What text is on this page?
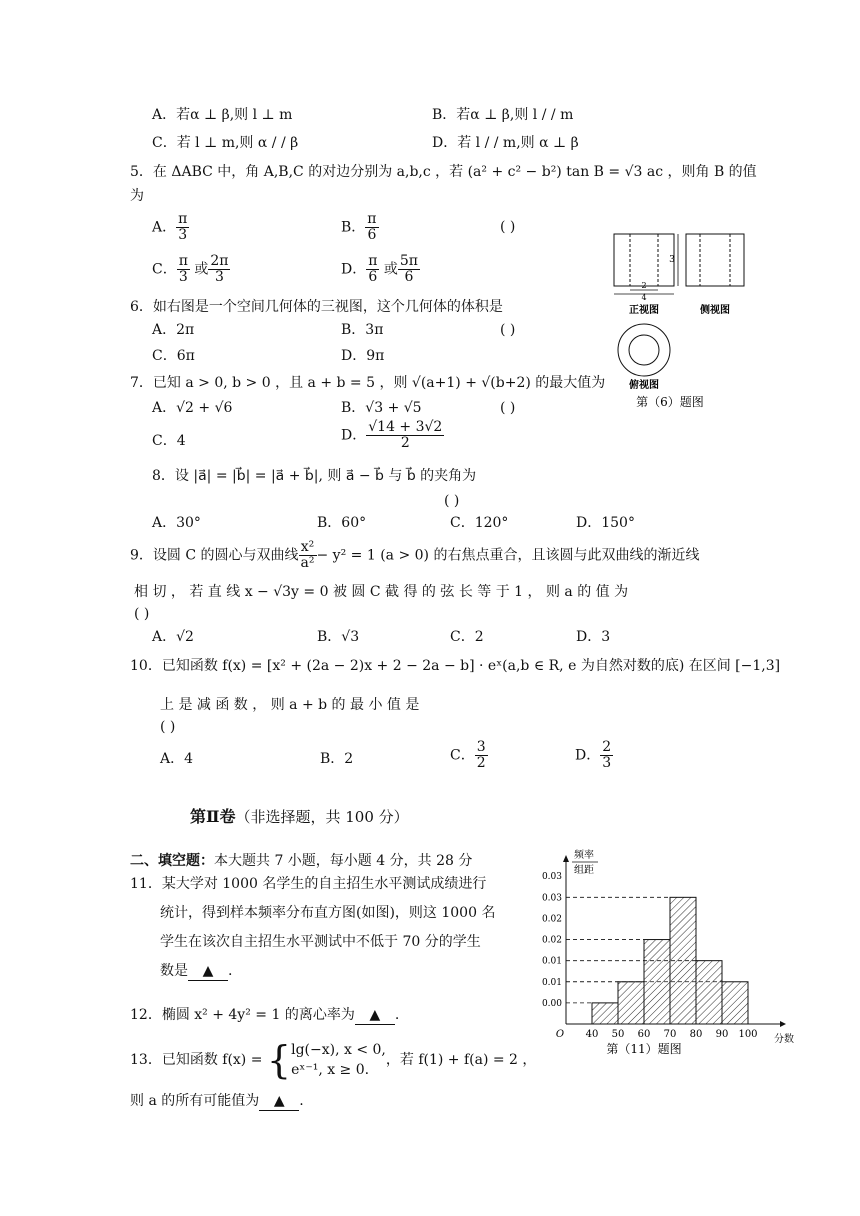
A．若α ⊥ β,则 l ⊥ m	B．若α ⊥ β,则 l / / m
C．若 l ⊥ m,则 α / / β	D．若 l / / m,则 α ⊥ β
5．在 ΔABC 中，角 A,B,C 的对边分别为 a,b,c ，若 (a² + c² − b²) tan B = √3 ac ，则角 B 的值
为
A． $\frac{\pi}{3}$	B． $\frac{\pi}{6}$	( )
C． $\frac{\pi}{3}$ 或 $\frac{2\pi}{3}$	D． $\frac{\pi}{6}$ 或 $\frac{5\pi}{6}$
6．如右图是一个空间几何体的三视图，这个几何体的体积是
A．2π	B．3π	( )
C．6π	D．9π
3
2
4
正视图	侧视图
俯视图
第（6）题图
7．已知 a > 0, b > 0 ，且 a + b = 5 ，则 √(a+1) + √(b+2) 的最大值为
A．√2 + √6	B．√3 + √5	( )
C．4	D． $\frac{√14 + 3√2}{2}$
8．设 |a⃗| = |b⃗| = |a⃗ + b⃗|, 则 a⃗ − b⃗ 与 b⃗ 的夹角为
( )
A．30°	B．60°	C．120°	D．150°
9．设圆 C 的圆心与双曲线 $\frac{\text{x²}}{\text{a²}} - y^2 = 1$ (a > 0) 的右焦点重合，且该圆与此双曲线的渐近线
相 切 ， 若 直 线 x − √3y = 0 被 圆 C 截 得 的 弦 长 等 于 1 ， 则 a 的 值 为
( )
A．√2	B．√3	C．2	D．3
10．已知函数 f(x) = [x² + (2a − 2)x + 2 − 2a − b] · eˣ(a,b ∈ R, e 为自然对数的底) 在区间 [−1,3]
上 是 减 函 数 ， 则 a + b 的 最 小 值 是
( )
A．4	B．2	C． $\frac{3}{2}$	D． $\frac{2}{3}$
第Ⅱ卷（非选择题，共 100 分）
二、填空题：本大题共 7 小题，每小题 4 分，共 28 分
11．某大学对 1000 名学生的自主招生水平测试成绩进行
统计，得到样本频率分布直方图(如图)，则这 1000 名
学生在该次自主招生水平测试中不低于 70 分的学生
数是 ▲ .
12．椭圆 x² + 4y² = 1 的离心率为 ▲ .
13．已知函数 f(x) = {lg(−x), x < 0,
eˣ⁻¹, x ≥ 0.，若 f(1) + f(a) = 2 ，
则 a 的所有可能值为 ▲ .
0.00
0.01
0.01
0.02
0.02
0.03
0.03
40 50 60 70 80 90 100
O	分数
频率
组距
第（11）题图
